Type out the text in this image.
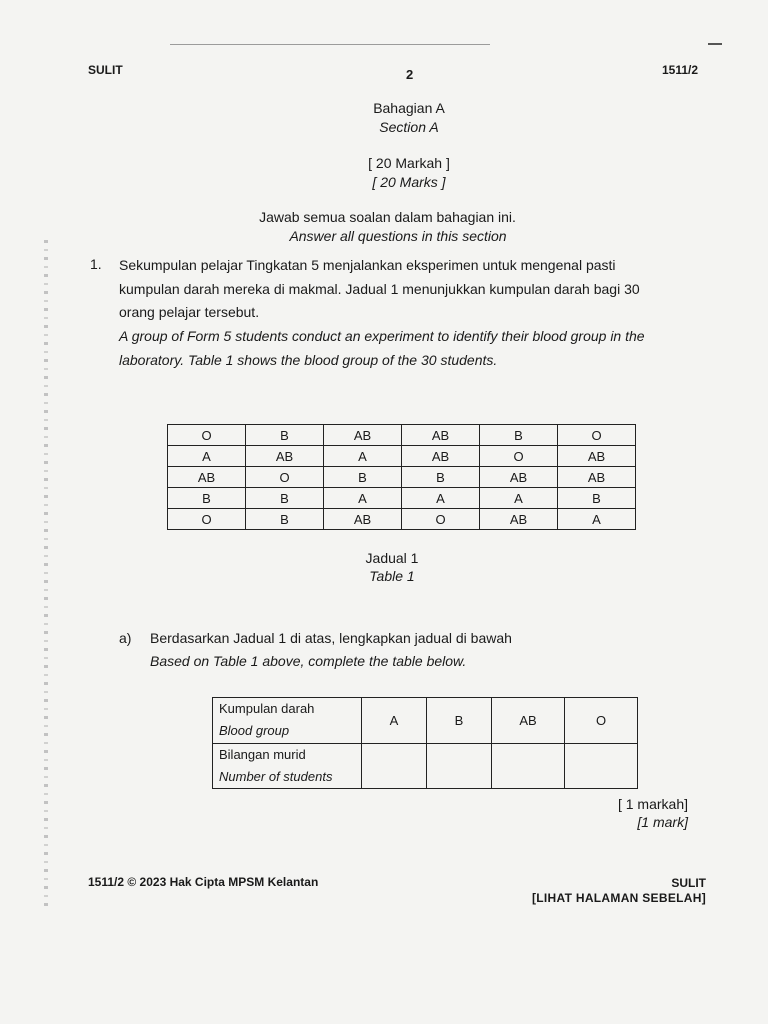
SULIT	2	1511/2
Bahagian A
Section A
[ 20 Markah ]
[ 20 Marks ]
Jawab semua soalan dalam bahagian ini.
Answer all questions in this section
1. Sekumpulan pelajar Tingkatan 5 menjalankan eksperimen untuk mengenal pasti
kumpulan darah mereka di makmal. Jadual 1 menunjukkan kumpulan darah bagi 30
orang pelajar tersebut.
A group of Form 5 students conduct an experiment to identify their blood group in the
laboratory. Table 1 shows the blood group of the 30 students.
O	B	AB	AB	B	O
A	AB	A	AB	O	AB
AB	O	B	B	AB	AB
B	B	A	A	A	B
O	B	AB	O	AB	A
Jadual 1
Table 1
a) Berdasarkan Jadual 1 di atas, lengkapkan jadual di bawah
Based on Table 1 above, complete the table below.
Kumpulan darah
Blood group	A	B	AB	O

Bilangan murid
Number of students				

[ 1 markah]
[1 mark]
1511/2 © 2023 Hak Cipta MPSM Kelantan	SULIT
[LIHAT HALAMAN SEBELAH]
